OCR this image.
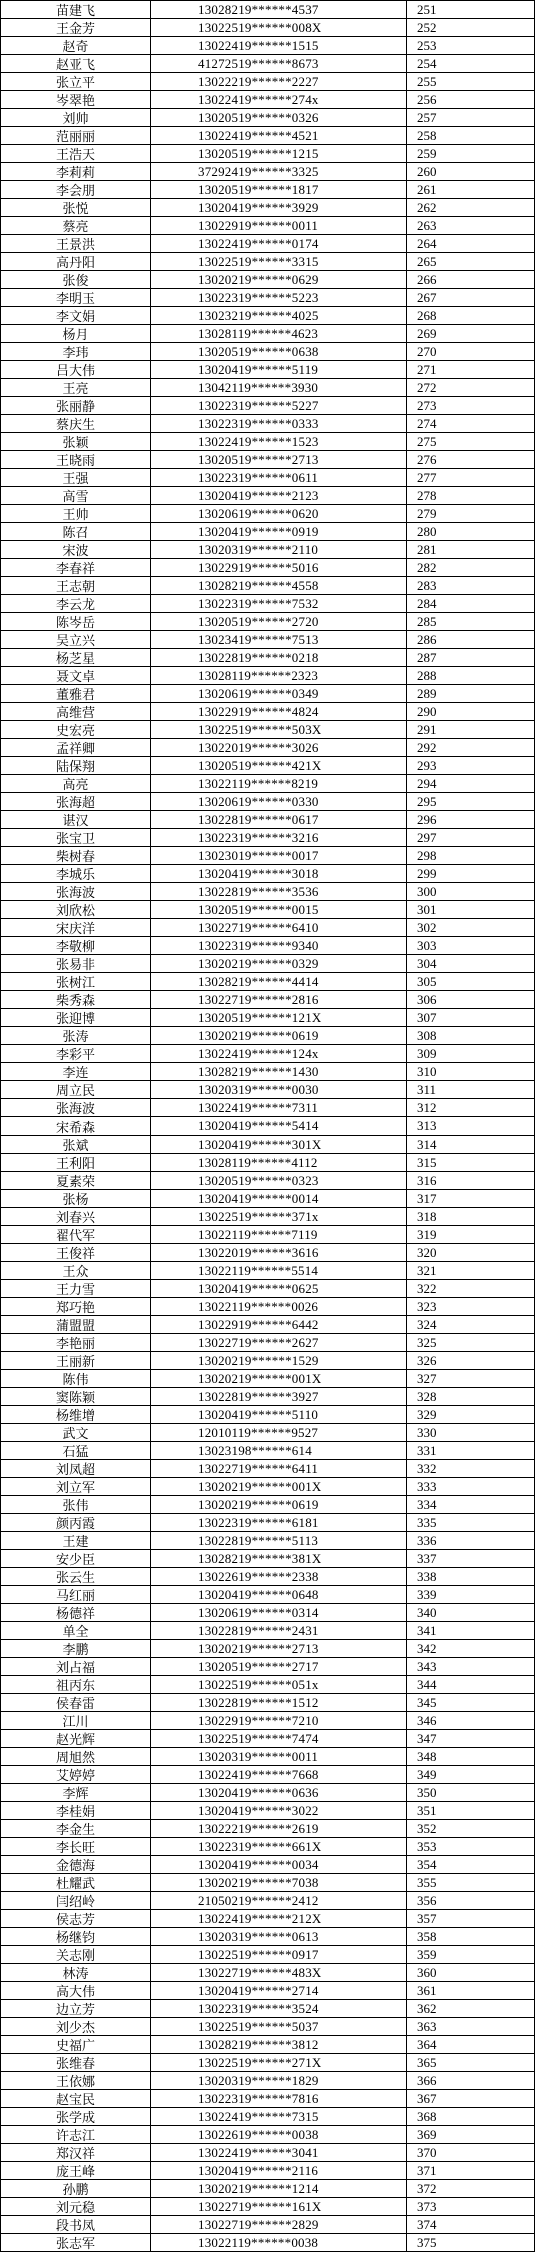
苗建飞	13028219******4537	251
王金芳	13022519******008X	252
赵奇	13022419******1515	253
赵亚飞	41272519******8673	254
张立平	13022219******2227	255
岑翠艳	13022419******274x	256
刘帅	13020519******0326	257
范丽丽	13022419******4521	258
王浩天	13020519******1215	259
李莉莉	37292419******3325	260
李会朋	13020519******1817	261
张悦	13020419******3929	262
蔡亮	13022919******0011	263
王景洪	13022419******0174	264
高丹阳	13022519******3315	265
张俊	13020219******0629	266
李明玉	13022319******5223	267
李文娟	13023219******4025	268
杨月	13028119******4623	269
李玮	13020519******0638	270
吕大伟	13020419******5119	271
王亮	13042119******3930	272
张丽静	13022319******5227	273
蔡庆生	13022319******0333	274
张颖	13022419******1523	275
王晓雨	13020519******2713	276
王强	13022319******0611	277
高雪	13020419******2123	278
王帅	13020619******0620	279
陈召	13020419******0919	280
宋波	13020319******2110	281
李春祥	13022919******5016	282
王志朝	13028219******4558	283
李云龙	13022319******7532	284
陈岑岳	13020519******2720	285
吴立兴	13023419******7513	286
杨芝星	13022819******0218	287
聂文卓	13028119******2323	288
董雅君	13020619******0349	289
高维营	13022919******4824	290
史宏亮	13022519******503X	291
孟祥卿	13022019******3026	292
陆保翔	13020519******421X	293
高亮	13022119******8219	294
张海超	13020619******0330	295
谌汉	13022819******0617	296
张宝卫	13022319******3216	297
柴树春	13023019******0017	298
李城乐	13020419******3018	299
张海波	13022819******3536	300
刘欣松	13020519******0015	301
宋庆洋	13022719******6410	302
李敬柳	13022319******9340	303
张易非	13020219******0329	304
张树江	13028219******4414	305
柴秀森	13022719******2816	306
张迎博	13020519******121X	307
张涛	13020219******0619	308
李彩平	13022419******124x	309
李连	13028219******1430	310
周立民	13020319******0030	311
张海波	13022419******7311	312
宋希森	13020419******5414	313
张斌	13020419******301X	314
王利阳	13028119******4112	315
夏素荣	13020519******0323	316
张杨	13020419******0014	317
刘春兴	13022519******371x	318
翟代军	13022119******7119	319
王俊祥	13022019******3616	320
王众	13022119******5514	321
王力雪	13020419******0625	322
郑巧艳	13022119******0026	323
蒲盟盟	13022919******6442	324
李艳丽	13022719******2627	325
王丽新	13020219******1529	326
陈伟	13020219******001X	327
窦陈颖	13022819******3927	328
杨维增	13020419******5110	329
武文	12010119******9527	330
石猛	13023198******614	331
刘凤超	13022719******6411	332
刘立军	13020219******001X	333
张伟	13020219******0619	334
颜丙霞	13022319******6181	335
王建	13022819******5113	336
安少臣	13028219******381X	337
张云生	13022619******2338	338
马红丽	13020419******0648	339
杨德祥	13020619******0314	340
单全	13022819******2431	341
李鹏	13020219******2713	342
刘占福	13020519******2717	343
祖丙东	13022519******051x	344
侯春雷	13022819******1512	345
江川	13022919******7210	346
赵光辉	13022519******7474	347
周旭然	13020319******0011	348
艾婷婷	13022419******7668	349
李辉	13020419******0636	350
李桂娟	13020419******3022	351
李金生	13022219******2619	352
李长旺	13022319******661X	353
金德海	13020419******0034	354
杜耀武	13020219******7038	355
闫绍岭	21050219******2412	356
侯志芳	13022419******212X	357
杨继钧	13020319******0613	358
关志刚	13022519******0917	359
林涛	13022719******483X	360
高大伟	13020419******2714	361
边立芳	13022319******3524	362
刘少杰	13022519******5037	363
史福广	13028219******3812	364
张维春	13022519******271X	365
王依娜	13020319******1829	366
赵宝民	13022319******7816	367
张学成	13022419******7315	368
许志江	13022619******0038	369
郑汉祥	13022419******3041	370
庞王峰	13020419******2116	371
孙鹏	13020219******1214	372
刘元稳	13022719******161X	373
段书凤	13022719******2829	374
张志军	13022119******0038	375
